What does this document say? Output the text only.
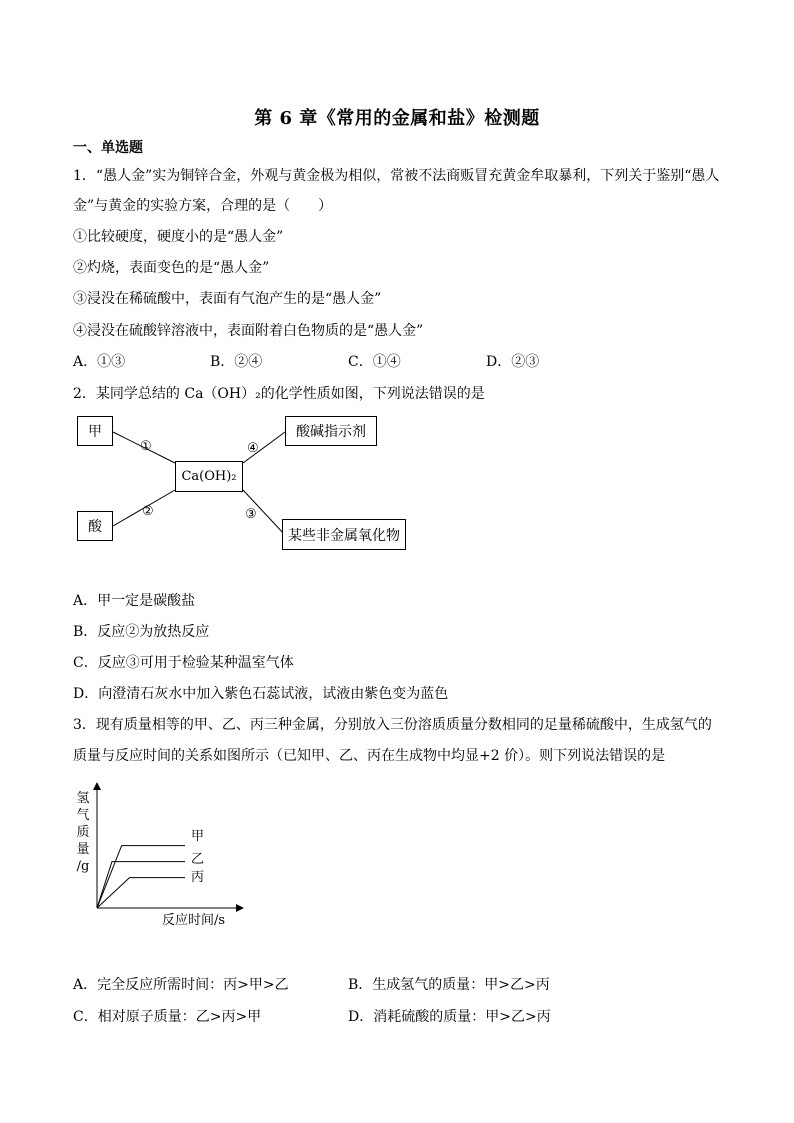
第 6 章《常用的金属和盐》检测题
一、单选题
1．“愚人金”实为铜锌合金，外观与黄金极为相似，常被不法商贩冒充黄金牟取暴利，下列关于鉴别“愚人
金”与黄金的实验方案，合理的是（　　）
①比较硬度，硬度小的是“愚人金”
②灼烧，表面变色的是“愚人金”
③浸没在稀硫酸中，表面有气泡产生的是“愚人金”
④浸没在硫酸锌溶液中，表面附着白色物质的是“愚人金”
A．①③	B．②④	C．①④	D．②③
2．某同学总结的 Ca（OH）₂的化学性质如图，下列说法错误的是
甲
酸
Ca(OH)₂
酸碱指示剂
某些非金属氧化物
①
②	③
④
A．甲一定是碳酸盐
B．反应②为放热反应
C．反应③可用于检验某种温室气体
D．向澄清石灰水中加入紫色石蕊试液，试液由紫色变为蓝色
3．现有质量相等的甲、乙、丙三种金属，分别放入三份溶质质量分数相同的足量稀硫酸中，生成氢气的
质量与反应时间的关系如图所示（已知甲、乙、丙在生成物中均显+2 价）。则下列说法错误的是
氢
气
质
量
/g
反应时间/s
甲
乙
丙
A．完全反应所需时间：丙>甲>乙	B．生成氢气的质量：甲>乙>丙
C．相对原子质量：乙>丙>甲	D．消耗硫酸的质量：甲>乙>丙
